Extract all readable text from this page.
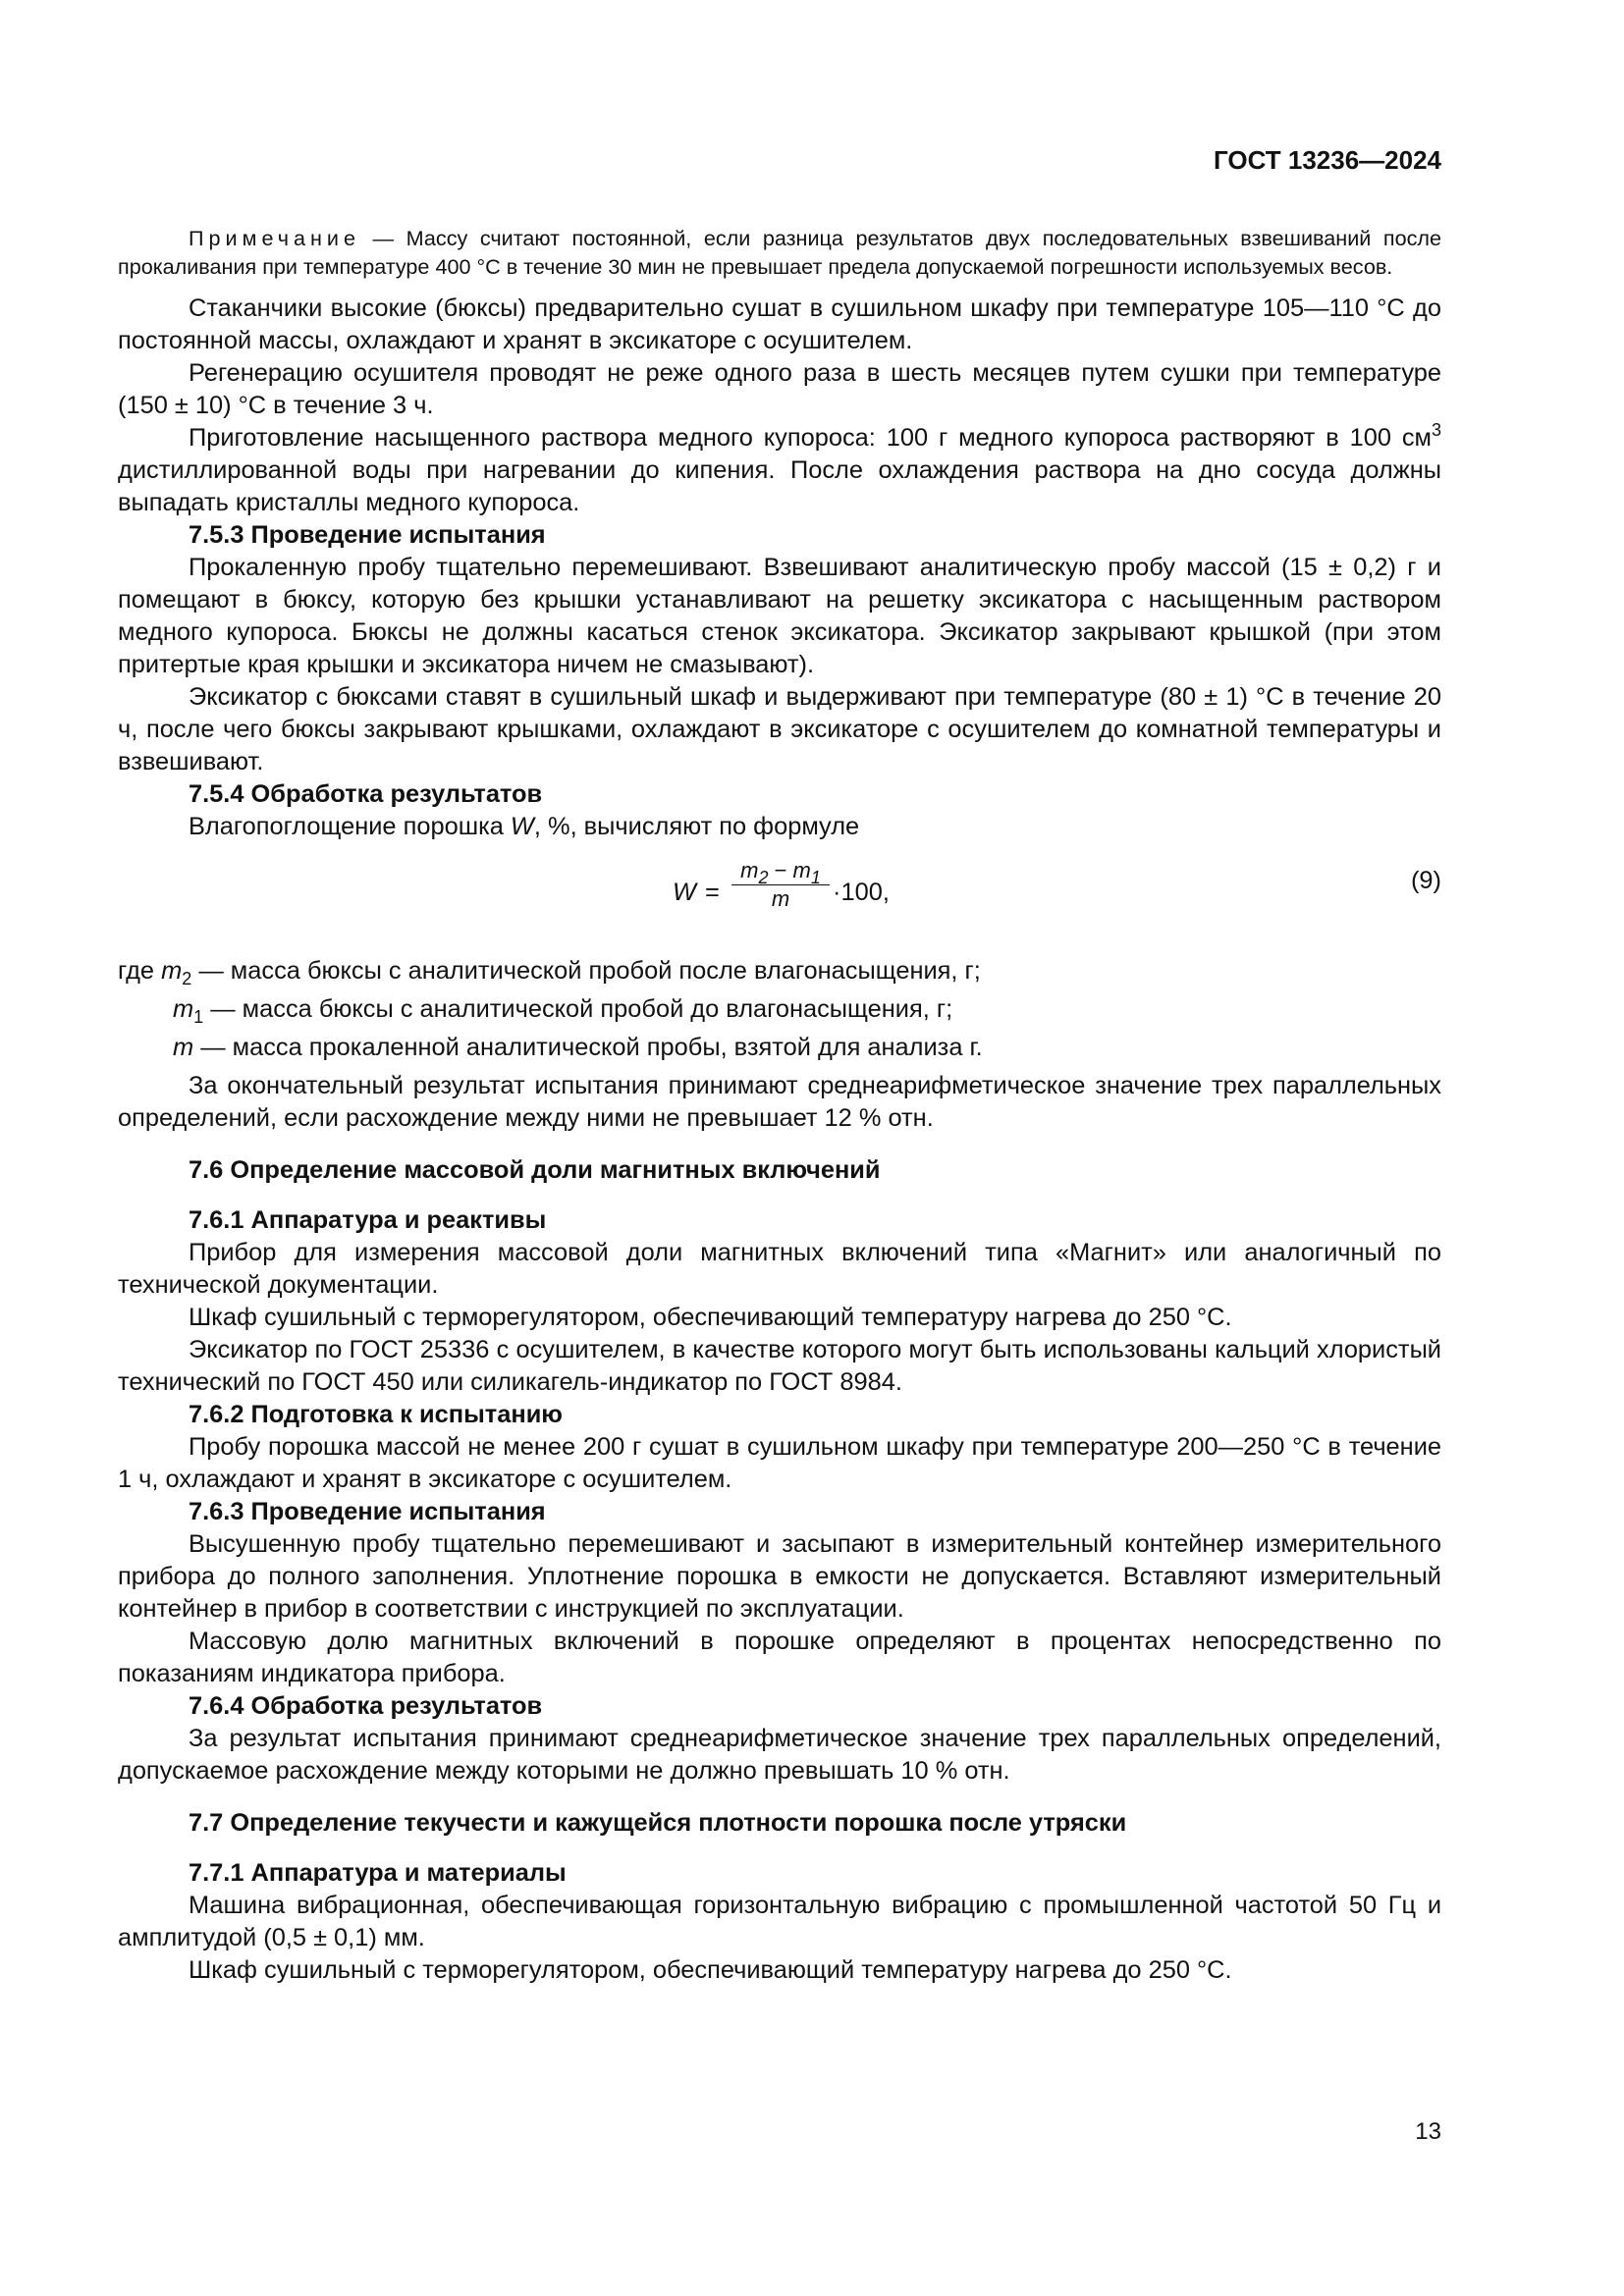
ГОСТ 13236—2024

Примечание — Массу считают постоянной, если разница результатов двух последовательных взвешиваний после прокаливания при температуре 400 °С в течение 30 мин не превышает предела допускаемой погрешности используемых весов.

Стаканчики высокие (бюксы) предварительно сушат в сушильном шкафу при температуре 105—110 °С до постоянной массы, охлаждают и хранят в эксикаторе с осушителем.

Регенерацию осушителя проводят не реже одного раза в шесть месяцев путем сушки при температуре (150 ± 10) °С в течение 3 ч.

Приготовление насыщенного раствора медного купороса: 100 г медного купороса растворяют в 100 $см^3$ дистиллированной воды при нагревании до кипения. После охлаждения раствора на дно сосуда должны выпадать кристаллы медного купороса.

7.5.3 Проведение испытания

Прокаленную пробу тщательно перемешивают. Взвешивают аналитическую пробу массой (15 ± 0,2) г и помещают в бюксу, которую без крышки устанавливают на решетку эксикатора с насыщенным раствором медного купороса. Бюксы не должны касаться стенок эксикатора. Эксикатор закрывают крышкой (при этом притертые края крышки и эксикатора ничем не смазывают).

Эксикатор с бюксами ставят в сушильный шкаф и выдерживают при температуре (80 ± 1) °С в течение 20 ч, после чего бюксы закрывают крышками, охлаждают в эксикаторе с осушителем до комнатной температуры и взвешивают.

7.5.4 Обработка результатов

Влагопоглощение порошка W, %, вычисляют по формуле

$W = \frac{m_2 - m_1}{m} \cdot 100$,	(9)

где $m_2$ — масса бюксы с аналитической пробой после влагонасыщения, г;

$m_1$ — масса бюксы с аналитической пробой до влагонасыщения, г;

m — масса прокаленной аналитической пробы, взятой для анализа г.

За окончательный результат испытания принимают среднеарифметическое значение трех параллельных определений, если расхождение между ними не превышает 12 % отн.

7.6 Определение массовой доли магнитных включений

7.6.1 Аппаратура и реактивы

Прибор для измерения массовой доли магнитных включений типа «Магнит» или аналогичный по технической документации.

Шкаф сушильный с терморегулятором, обеспечивающий температуру нагрева до 250 °С.

Эксикатор по ГОСТ 25336 с осушителем, в качестве которого могут быть использованы кальций хлористый технический по ГОСТ 450 или силикагель-индикатор по ГОСТ 8984.

7.6.2 Подготовка к испытанию

Пробу порошка массой не менее 200 г сушат в сушильном шкафу при температуре 200—250 °С в течение 1 ч, охлаждают и хранят в эксикаторе с осушителем.

7.6.3 Проведение испытания

Высушенную пробу тщательно перемешивают и засыпают в измерительный контейнер измерительного прибора до полного заполнения. Уплотнение порошка в емкости не допускается. Вставляют измерительный контейнер в прибор в соответствии с инструкцией по эксплуатации.

Массовую долю магнитных включений в порошке определяют в процентах непосредственно по показаниям индикатора прибора.

7.6.4 Обработка результатов

За результат испытания принимают среднеарифметическое значение трех параллельных определений, допускаемое расхождение между которыми не должно превышать 10 % отн.

7.7 Определение текучести и кажущейся плотности порошка после утряски

7.7.1 Аппаратура и материалы

Машина вибрационная, обеспечивающая горизонтальную вибрацию с промышленной частотой 50 Гц и амплитудой (0,5 ± 0,1) мм.

Шкаф сушильный с терморегулятором, обеспечивающий температуру нагрева до 250 °С.

13
